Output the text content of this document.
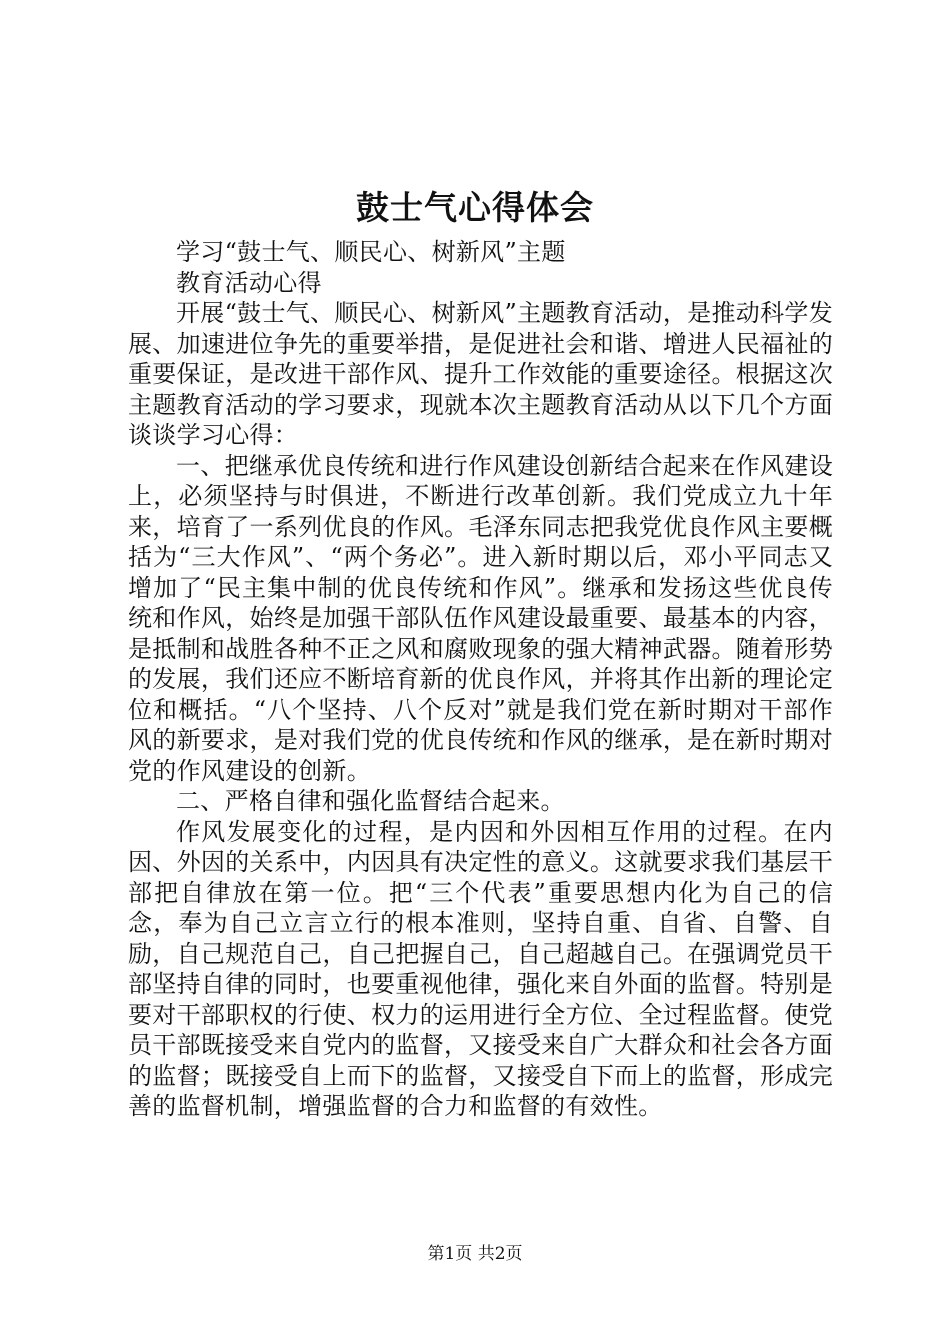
鼓士气心得体会

学习“鼓士气、顺民心、树新风”主题

教育活动心得

开展“鼓士气、顺民心、树新风”主题教育活动，是推动科学发展、加速进位争先的重要举措，是促进社会和谐、增进人民福祉的重要保证，是改进干部作风、提升工作效能的重要途径。根据这次主题教育活动的学习要求，现就本次主题教育活动从以下几个方面谈谈学习心得：

一、把继承优良传统和进行作风建设创新结合起来在作风建设上，必须坚持与时俱进，不断进行改革创新。我们党成立九十年来，培育了一系列优良的作风。毛泽东同志把我党优良作风主要概括为“三大作风”、“两个务必”。进入新时期以后，邓小平同志又增加了“民主集中制的优良传统和作风”。继承和发扬这些优良传统和作风，始终是加强干部队伍作风建设最重要、最基本的内容，是抵制和战胜各种不正之风和腐败现象的强大精神武器。随着形势的发展，我们还应不断培育新的优良作风，并将其作出新的理论定位和概括。“八个坚持、八个反对”就是我们党在新时期对干部作风的新要求，是对我们党的优良传统和作风的继承，是在新时期对党的作风建设的创新。

二、严格自律和强化监督结合起来。

作风发展变化的过程，是内因和外因相互作用的过程。在内因、外因的关系中，内因具有决定性的意义。这就要求我们基层干部把自律放在第一位。把“三个代表”重要思想内化为自己的信念，奉为自己立言立行的根本准则，坚持自重、自省、自警、自励，自己规范自己，自己把握自己，自己超越自己。在强调党员干部坚持自律的同时，也要重视他律，强化来自外面的监督。特别是要对干部职权的行使、权力的运用进行全方位、全过程监督。使党员干部既接受来自党内的监督，又接受来自广大群众和社会各方面的监督；既接受自上而下的监督，又接受自下而上的监督，形成完善的监督机制，增强监督的合力和监督的有效性。

第1页 共2页
